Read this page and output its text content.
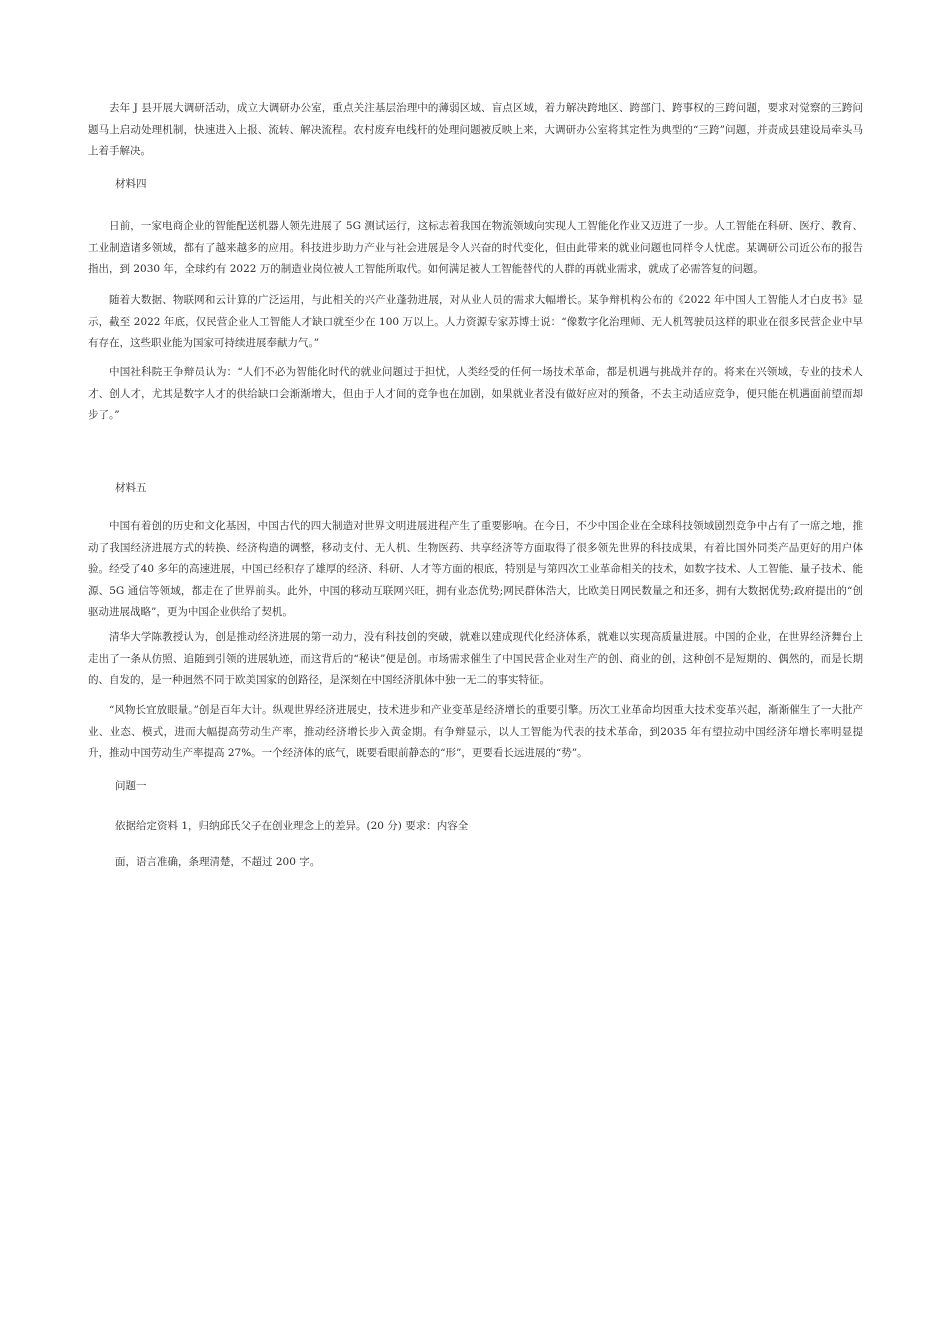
去年 J 县开展大调研活动，成立大调研办公室，重点关注基层治理中的薄弱区域、盲点区域，着力解决跨地区、跨部门、跨事权的三跨问题，要求对觉察的三跨问题马上启动处理机制，快速进入上报、流转、解决流程。农村废弃电线杆的处理问题被反映上来，大调研办公室将其定性为典型的“三跨”问题，并责成县建设局牵头马上着手解决。

材料四

日前，一家电商企业的智能配送机器人领先进展了 5G 测试运行，这标志着我国在物流领域向实现人工智能化作业又迈进了一步。人工智能在科研、医疗、教育、工业制造诸多领域，都有了越来越多的应用。科技进步助力产业与社会进展是令人兴奋的时代变化，但由此带来的就业问题也同样令人忧虑。某调研公司近公布的报告指出，到 2030 年，全球约有 2022 万的制造业岗位被人工智能所取代。如何满足被人工智能替代的人群的再就业需求，就成了必需答复的问题。

随着大数据、物联网和云计算的广泛运用，与此相关的兴产业蓬勃进展，对从业人员的需求大幅增长。某争辩机构公布的《2022 年中国人工智能人才白皮书》显示，截至 2022 年底，仅民营企业人工智能人才缺口就至少在 100 万以上。人力资源专家苏博士说：“像数字化治理师、无人机驾驶员这样的职业在很多民营企业中早有存在，这些职业能为国家可持续进展奉献力气。”

中国社科院王争辩员认为：“人们不必为智能化时代的就业问题过于担忧，人类经受的任何一场技术革命，都是机遇与挑战并存的。将来在兴领域，专业的技术人才、创人才，尤其是数字人才的供给缺口会渐渐增大，但由于人才间的竞争也在加剧，如果就业者没有做好应对的预备，不去主动适应竞争，便只能在机遇面前望而却步了。”

材料五

中国有着创的历史和文化基因，中国古代的四大制造对世界文明进展进程产生了重要影响。在今日，不少中国企业在全球科技领域剧烈竞争中占有了一席之地，推动了我国经济进展方式的转换、经济构造的调整，移动支付、无人机、生物医药、共享经济等方面取得了很多领先世界的科技成果，有着比国外同类产品更好的用户体验。经受了40 多年的高速进展，中国已经积存了雄厚的经济、科研、人才等方面的根底，特别是与第四次工业革命相关的技术，如数字技术、人工智能、量子技术、能源、5G 通信等领域，都走在了世界前头。此外，中国的移动互联网兴旺，拥有业态优势;网民群体浩大，比欧美日网民数量之和还多，拥有大数据优势;政府提出的“创驱动进展战略”，更为中国企业供给了契机。

清华大学陈教授认为，创是推动经济进展的第一动力，没有科技创的突破，就难以建成现代化经济体系，就难以实现高质量进展。中国的企业，在世界经济舞台上走出了一条从仿照、追随到引领的进展轨迹，而这背后的“秘诀”便是创。市场需求催生了中国民营企业对生产的创、商业的创，这种创不是短期的、偶然的，而是长期的、自发的，是一种迥然不同于欧美国家的创路径，是深刻在中国经济肌体中独一无二的事实特征。

“风物长宜放眼量。”创是百年大计。纵观世界经济进展史，技术进步和产业变革是经济增长的重要引擎。历次工业革命均因重大技术变革兴起，渐渐催生了一大批产业、业态、模式，进而大幅提高劳动生产率，推动经济增长步入黄金期。有争辩显示，以人工智能为代表的技术革命，到2035 年有望拉动中国经济年增长率明显提升，推动中国劳动生产率提高 27%。一个经济体的底气，既要看眼前静态的“形”，更要看长远进展的“势”。

问题一

依据给定资料 1，归纳邱氏父子在创业理念上的差异。(20 分) 要求：内容全

面，语言准确，条理清楚，不超过 200 字。
